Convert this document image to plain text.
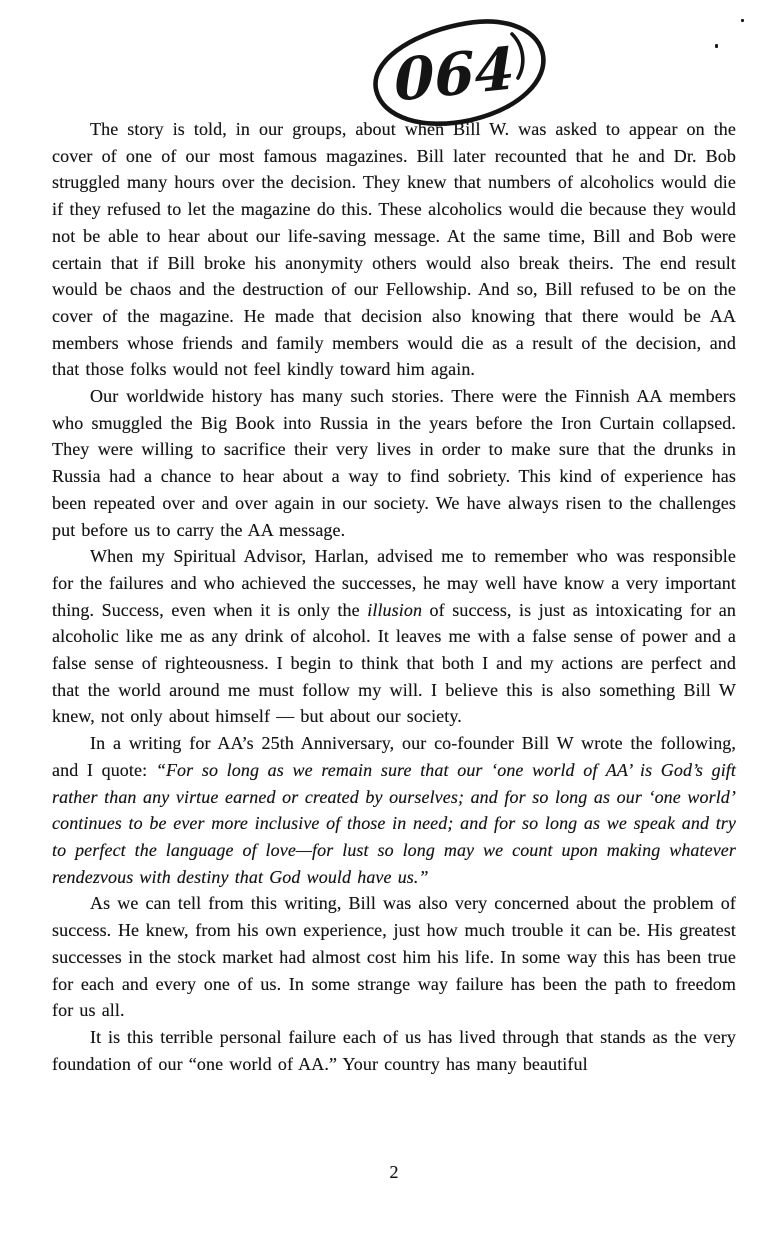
064

The story is told, in our groups, about when Bill W. was asked to appear on the cover of one of our most famous magazines. Bill later recounted that he and Dr. Bob struggled many hours over the decision. They knew that numbers of alcoholics would die if they refused to let the magazine do this. These alcoholics would die because they would not be able to hear about our life-saving message. At the same time, Bill and Bob were certain that if Bill broke his anonymity others would also break theirs. The end result would be chaos and the destruction of our Fellowship. And so, Bill refused to be on the cover of the magazine. He made that decision also knowing that there would be AA members whose friends and family members would die as a result of the decision, and that those folks would not feel kindly toward him again.

Our worldwide history has many such stories. There were the Finnish AA members who smuggled the Big Book into Russia in the years before the Iron Curtain collapsed. They were willing to sacrifice their very lives in order to make sure that the drunks in Russia had a chance to hear about a way to find sobriety. This kind of experience has been repeated over and over again in our society. We have always risen to the challenges put before us to carry the AA message.

When my Spiritual Advisor, Harlan, advised me to remember who was responsible for the failures and who achieved the successes, he may well have know a very important thing. Success, even when it is only the illusion of success, is just as intoxicating for an alcoholic like me as any drink of alcohol. It leaves me with a false sense of power and a false sense of righteousness. I begin to think that both I and my actions are perfect and that the world around me must follow my will. I believe this is also something Bill W knew, not only about himself — but about our society.

In a writing for AA’s 25th Anniversary, our co-founder Bill W wrote the following, and I quote: “For so long as we remain sure that our ‘one world of AA’ is God’s gift rather than any virtue earned or created by ourselves; and for so long as our ‘one world’ continues to be ever more inclusive of those in need; and for so long as we speak and try to perfect the language of love—for lust so long may we count upon making whatever rendezvous with destiny that God would have us.”

As we can tell from this writing, Bill was also very concerned about the problem of success. He knew, from his own experience, just how much trouble it can be. His greatest successes in the stock market had almost cost him his life. In some way this has been true for each and every one of us. In some strange way failure has been the path to freedom for us all.

It is this terrible personal failure each of us has lived through that stands as the very foundation of our “one world of AA.” Your country has many beautiful

2
